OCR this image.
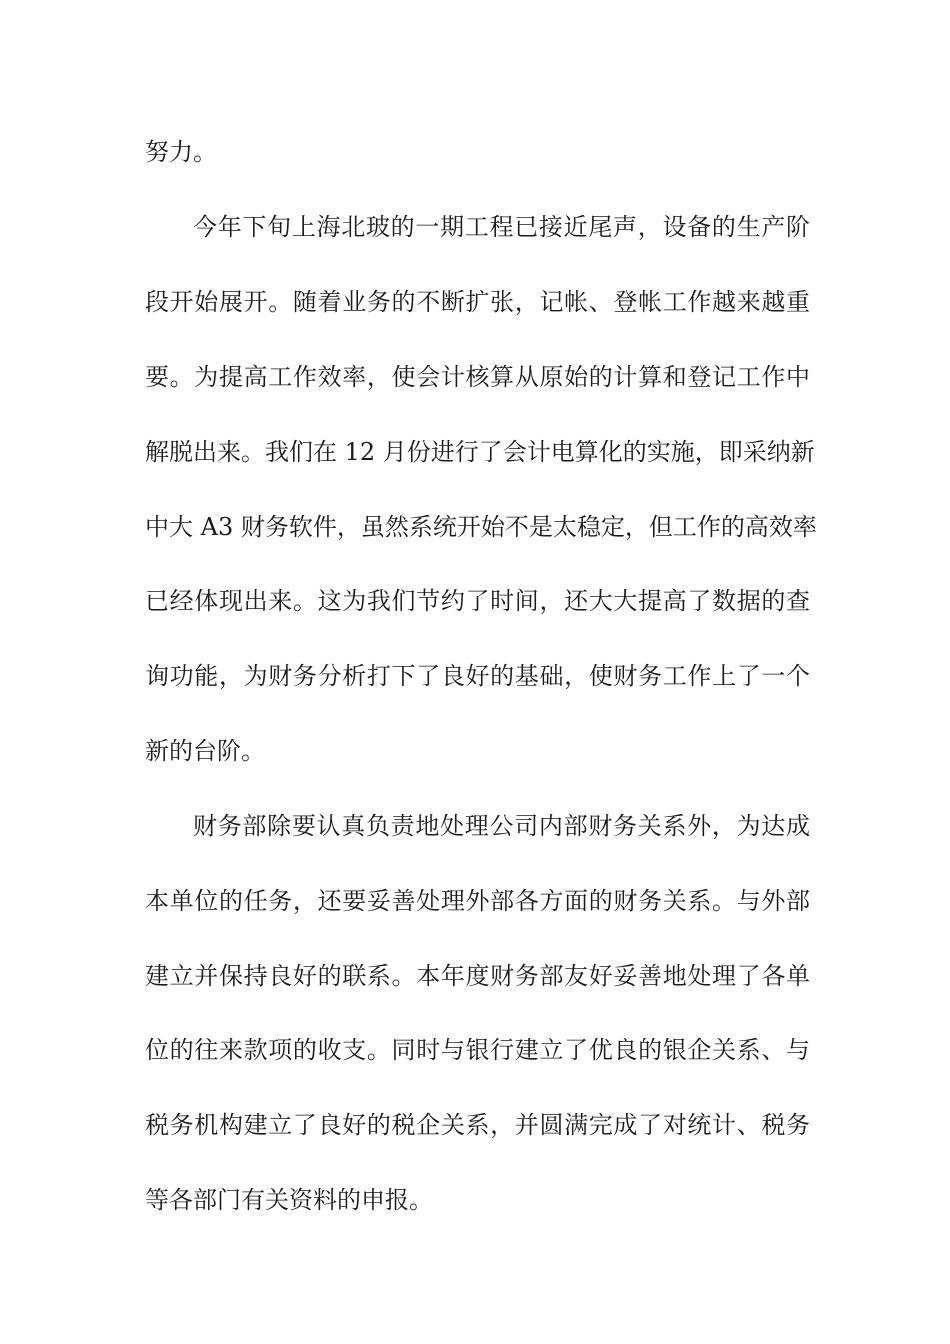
努力。
今年下旬上海北玻的一期工程已接近尾声，设备的生产阶
段开始展开。随着业务的不断扩张，记帐、登帐工作越来越重
要。为提高工作效率，使会计核算从原始的计算和登记工作中
解脱出来。我们在 12 月份进行了会计电算化的实施，即采纳新
中大 A3 财务软件，虽然系统开始不是太稳定，但工作的高效率
已经体现出来。这为我们节约了时间，还大大提高了数据的查
询功能，为财务分析打下了良好的基础，使财务工作上了一个
新的台阶。
财务部除要认真负责地处理公司内部财务关系外，为达成
本单位的任务，还要妥善处理外部各方面的财务关系。与外部
建立并保持良好的联系。本年度财务部友好妥善地处理了各单
位的往来款项的收支。同时与银行建立了优良的银企关系、与
税务机构建立了良好的税企关系，并圆满完成了对统计、税务
等各部门有关资料的申报。
